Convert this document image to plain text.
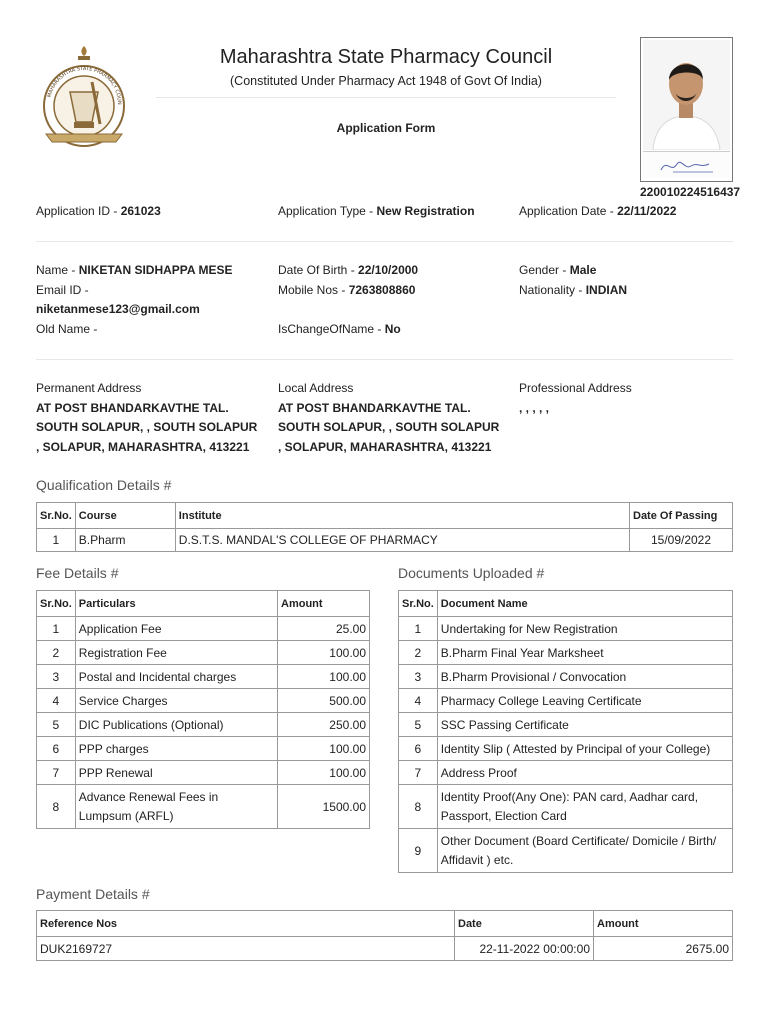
MAHARASHTRA STATE PHARMACY COUN
Maharashtra State Pharmacy Council
(Constituted Under Pharmacy Act 1948 of Govt Of India)
Application Form
220010224516437
Application ID - 261023	Application Type - New Registration	Application Date - 22/11/2022
Name - NIKETAN SIDHAPPA MESE
Email ID -
niketanmese123@gmail.com
Old Name -
Date Of Birth - 22/10/2000
Mobile Nos - 7263808860

IsChangeOfName - No
Gender - Male
Nationality - INDIAN
Permanent Address
AT POST BHANDARKAVTHE TAL.
SOUTH SOLAPUR, , SOUTH SOLAPUR
, SOLAPUR, MAHARASHTRA, 413221
Local Address
AT POST BHANDARKAVTHE TAL.
SOUTH SOLAPUR, , SOUTH SOLAPUR
, SOLAPUR, MAHARASHTRA, 413221
Professional Address
, , , , ,
Qualification Details #
Sr.No.	Course	Institute	Date Of Passing
1	B.Pharm	D.S.T.S. MANDAL'S COLLEGE OF PHARMACY	15/09/2022
Fee Details #
Sr.No.	Particulars	Amount
1	Application Fee	25.00
2	Registration Fee	100.00
3	Postal and Incidental charges	100.00
4	Service Charges	500.00
5	DIC Publications (Optional)	250.00
6	PPP charges	100.00
7	PPP Renewal	100.00
8	Advance Renewal Fees in Lumpsum (ARFL)	1500.00
Documents Uploaded #
Sr.No.	Document Name
1	Undertaking for New Registration
2	B.Pharm Final Year Marksheet
3	B.Pharm Provisional / Convocation
4	Pharmacy College Leaving Certificate
5	SSC Passing Certificate
6	Identity Slip ( Attested by Principal of your College)
7	Address Proof
8	Identity Proof(Any One): PAN card, Aadhar card, Passport, Election Card
9	Other Document (Board Certificate/ Domicile / Birth/ Affidavit ) etc.
Payment Details #
Reference Nos	Date	Amount
DUK2169727	22-11-2022 00:00:00	2675.00
